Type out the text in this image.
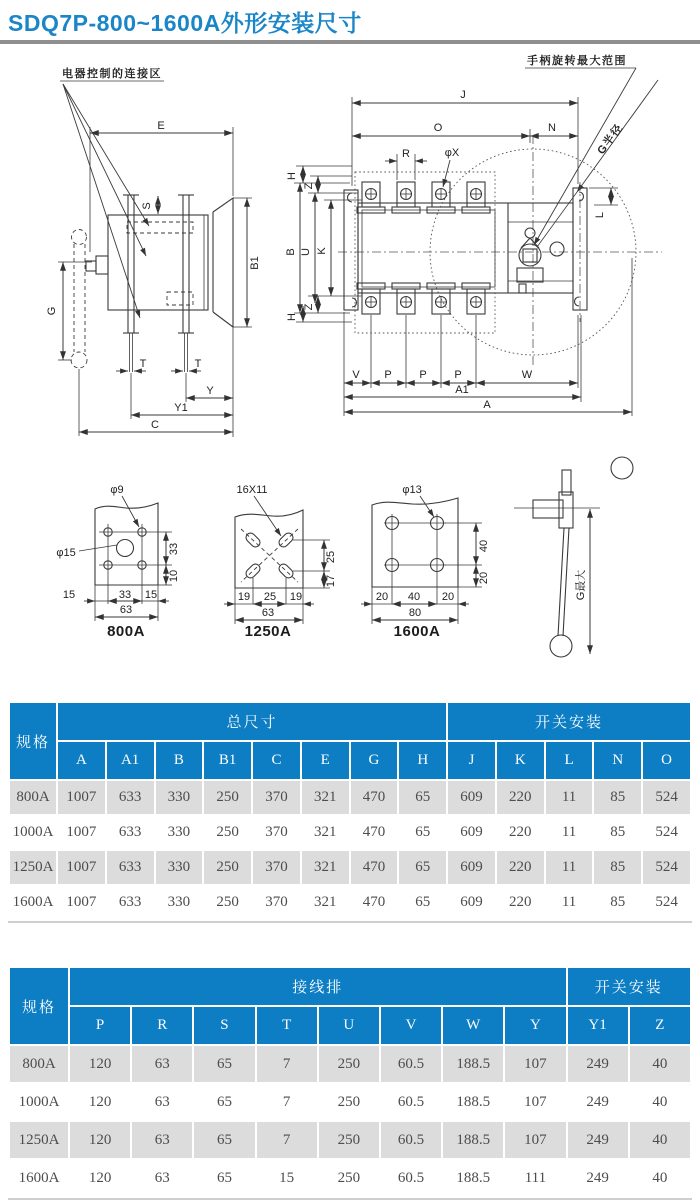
SDQ7P-800~1600A外形安装尺寸
电器控制的连接区
E
S
B1
G
T	T
Y
Y1
C
手柄旋转最大范围
G半径
J
O	N
R	φX
H
Z
B U K
Z
H
L
V P	P	P	W
A1
A
φ9
φ15	33
10
15	33 15
63
800A
16X11
25
17
19 25 19
63
1250A
φ13
40
20
20 40 20
80
1600A
G最大
规格	总尺寸								开关安装				
	A	A1	B	B1	C	E	G	H	J	K	L	N	O
800A	1007	633	330	250	370	321	470	65	609	220	11	85	524
1000A	1007	633	330	250	370	321	470	65	609	220	11	85	524
1250A	1007	633	330	250	370	321	470	65	609	220	11	85	524
1600A	1007	633	330	250	370	321	470	65	609	220	11	85	524
规格	接线排								开关安装	
	P	R	S	T	U	V	W	Y	Y1	Z
800A	120	63	65	7	250	60.5	188.5	107	249	40
1000A	120	63	65	7	250	60.5	188.5	107	249	40
1250A	120	63	65	7	250	60.5	188.5	107	249	40
1600A	120	63	65	15	250	60.5	188.5	111	249	40
